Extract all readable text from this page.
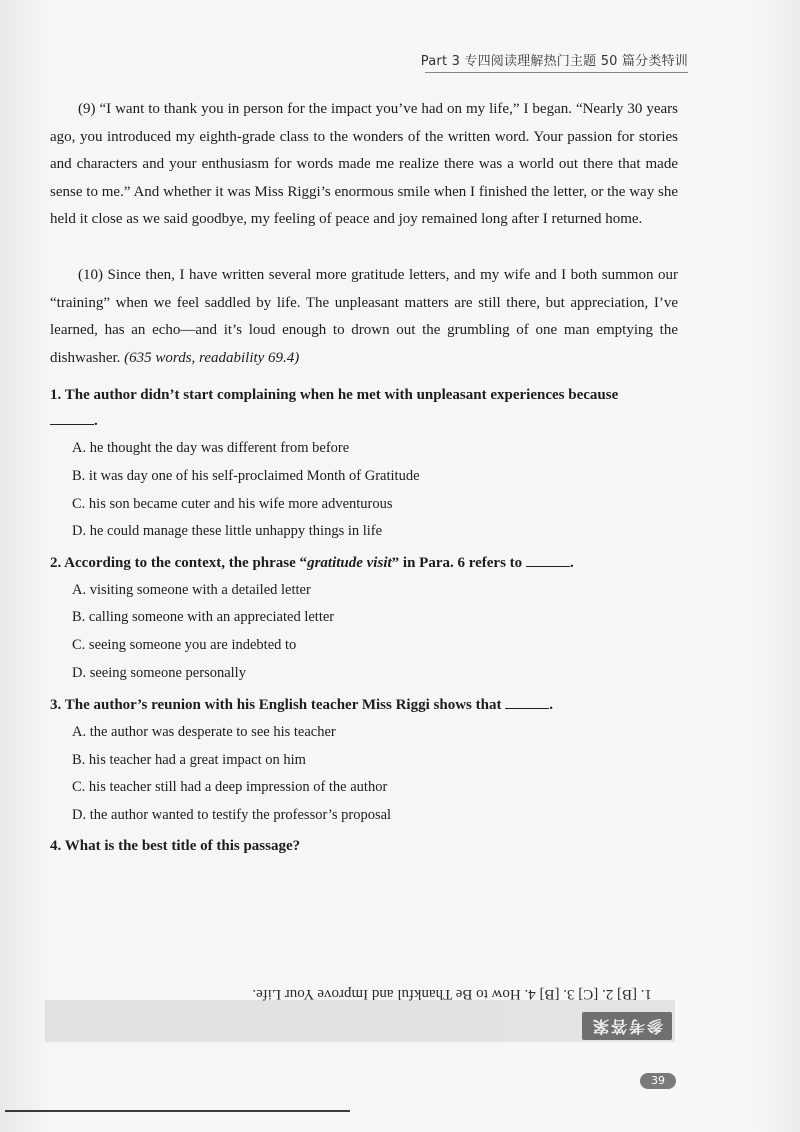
Part 3 专四阅读理解热门主题 50 篇分类特训

(9) “I want to thank you in person for the impact you’ve had on my life,” I began. “Nearly 30 years ago, you introduced my eighth-grade class to the wonders of the written word. Your passion for stories and characters and your enthusiasm for words made me realize there was a world out there that made sense to me.” And whether it was Miss Riggi’s enormous smile when I finished the letter, or the way she held it close as we said goodbye, my feeling of peace and joy remained long after I returned home.

(10) Since then, I have written several more gratitude letters, and my wife and I both summon our “training” when we feel saddled by life. The unpleasant matters are still there, but appreciation, I’ve learned, has an echo—and it’s loud enough to drown out the grumbling of one man emptying the dishwasher. (635 words, readability 69.4)

1. The author didn’t start complaining when he met with unpleasant experiences because
.
A. he thought the day was different from before
B. it was day one of his self-proclaimed Month of Gratitude
C. his son became cuter and his wife more adventurous
D. he could manage these little unhappy things in life
2. According to the context, the phrase “gratitude visit” in Para. 6 refers to	.
A. visiting someone with a detailed letter
B. calling someone with an appreciated letter
C. seeing someone you are indebted to
D. seeing someone personally
3. The author’s reunion with his English teacher Miss Riggi shows that	.
A. the author was desperate to see his teacher
B. his teacher had a great impact on him
C. his teacher still had a deep impression of the author
D. the author wanted to testify the professor’s proposal
4. What is the best title of this passage?
1. [B] 2. [C] 3. [B] 4. How to Be Thankful and Improve Your Life.
参考答案
39
